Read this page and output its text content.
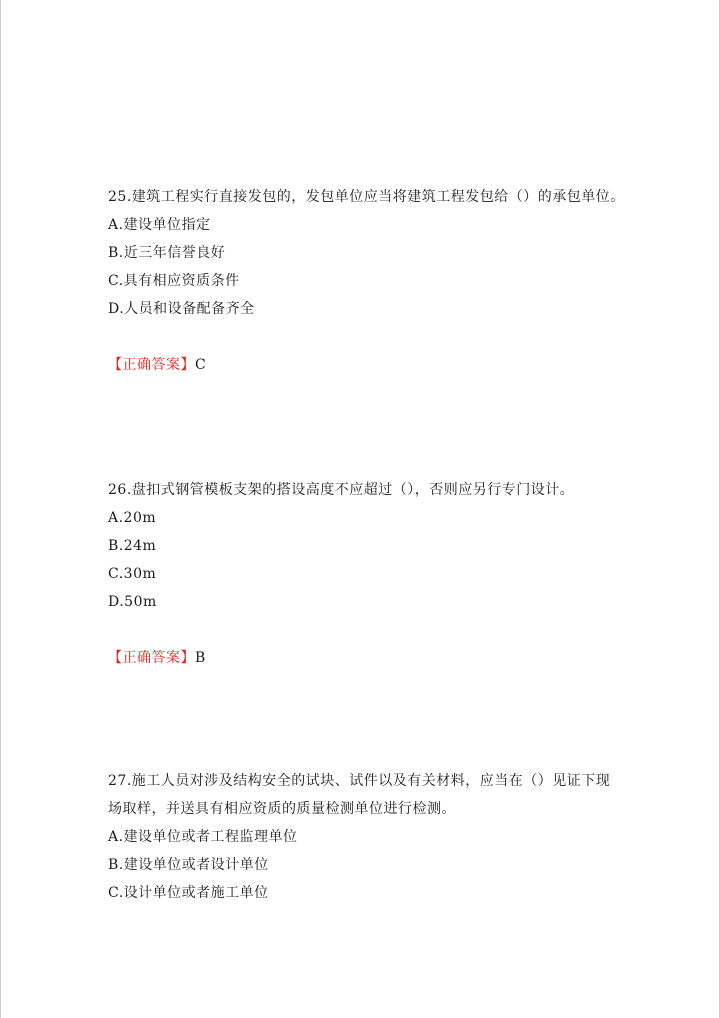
25.建筑工程实行直接发包的，发包单位应当将建筑工程发包给（）的承包单位。
A.建设单位指定
B.近三年信誉良好
C.具有相应资质条件
D.人员和设备配备齐全
【正确答案】C
26.盘扣式钢管模板支架的搭设高度不应超过（），否则应另行专门设计。
A.20m
B.24m
C.30m
D.50m
【正确答案】B
27.施工人员对涉及结构安全的试块、试件以及有关材料，应当在（）见证下现
场取样，并送具有相应资质的质量检测单位进行检测。
A.建设单位或者工程监理单位
B.建设单位或者设计单位
C.设计单位或者施工单位
